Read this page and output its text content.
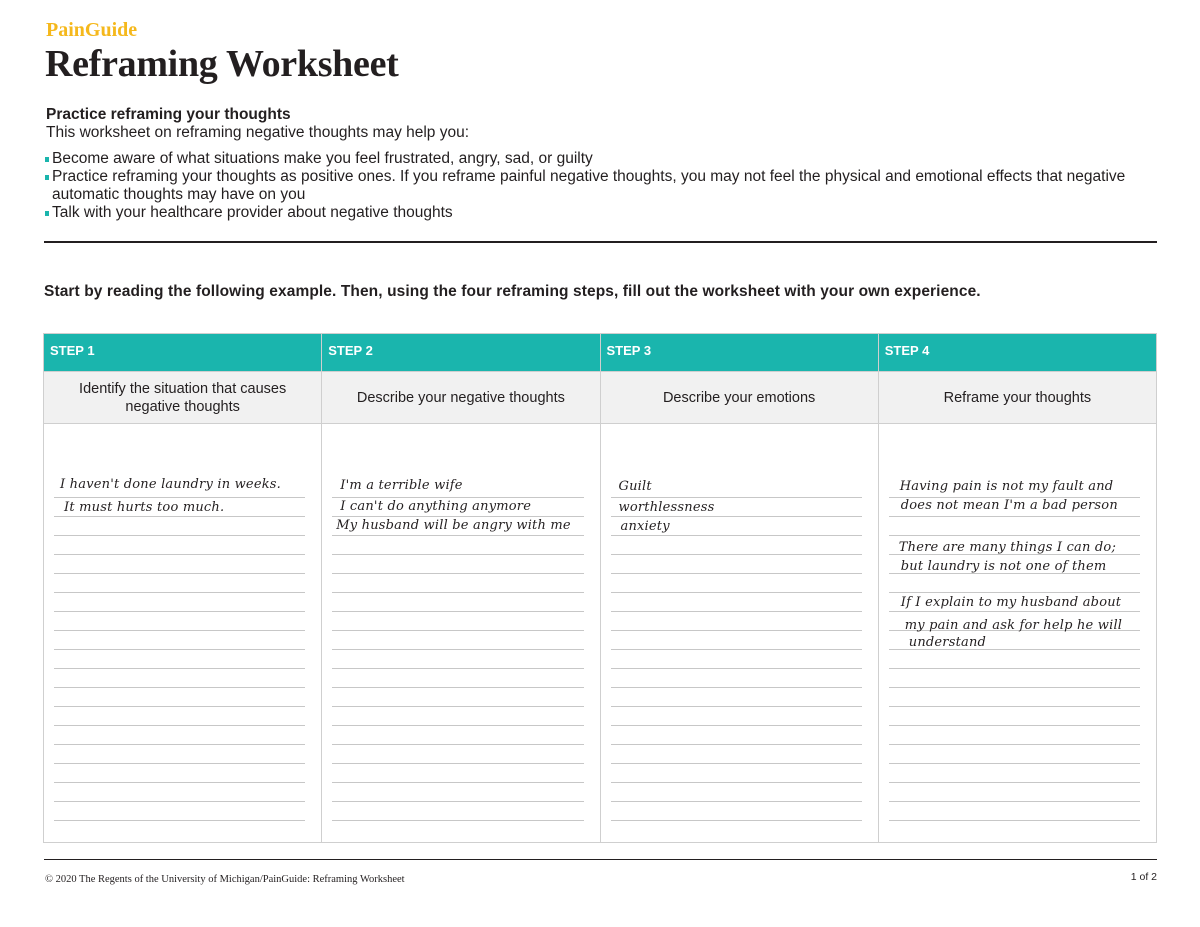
PainGuide
Reframing Worksheet
Practice reframing your thoughts
This worksheet on reframing negative thoughts may help you:
Become aware of what situations make you feel frustrated, angry, sad, or guilty
Practice reframing your thoughts as positive ones. If you reframe painful negative thoughts, you may not feel the physical and emotional effects that negative automatic thoughts may have on you
Talk with your healthcare provider about negative thoughts
Start by reading the following example. Then, using the four reframing steps, fill out the worksheet with your own experience.
STEP 1
Identify the situation that causes negative thoughts
I haven't done laundry in weeks.
It must hurts too much.
STEP 2
Describe your negative thoughts
I'm a terrible wife
I can't do anything anymore
My husband will be angry with me
STEP 3
Describe your emotions
Guilt
worthlessness
anxiety
STEP 4
Reframe your thoughts
Having pain is not my fault and
does not mean I'm a bad person
There are many things I can do;
but laundry is not one of them
If I explain to my husband about
my pain and ask for help he will
understand
© 2020 The Regents of the University of Michigan/PainGuide: Reframing Worksheet	1 of 2
